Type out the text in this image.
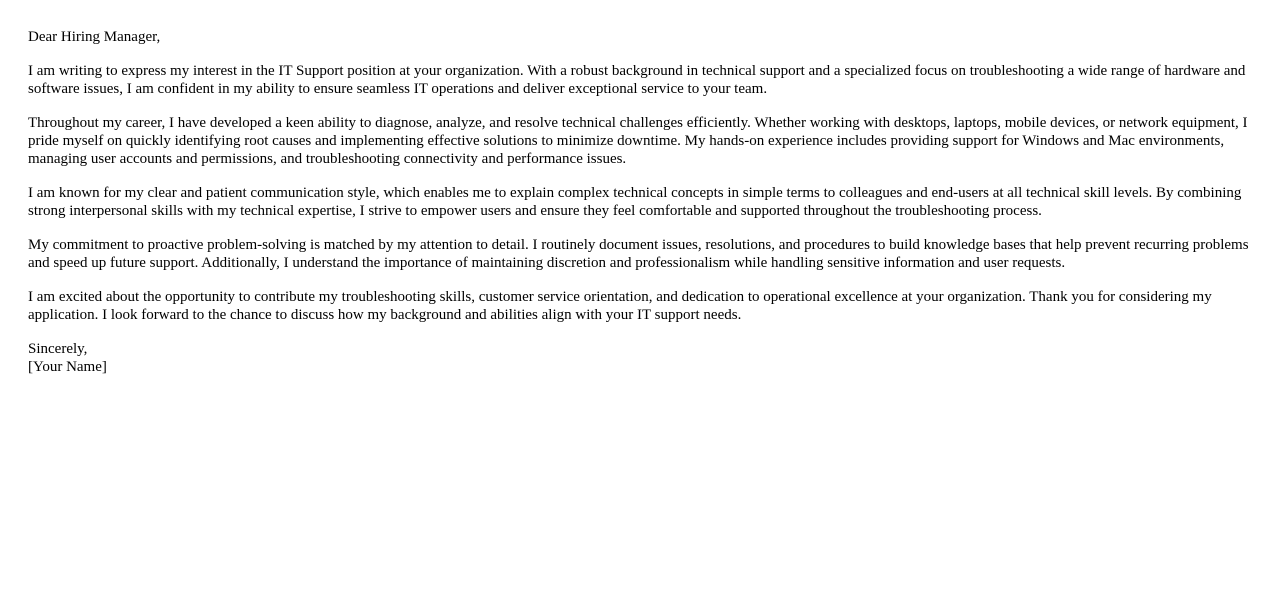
Dear Hiring Manager,

I am writing to express my interest in the IT Support position at your organization. With a robust background in technical support and a specialized focus on troubleshooting a wide range of hardware and software issues, I am confident in my ability to ensure seamless IT operations and deliver exceptional service to your team.

Throughout my career, I have developed a keen ability to diagnose, analyze, and resolve technical challenges efficiently. Whether working with desktops, laptops, mobile devices, or network equipment, I pride myself on quickly identifying root causes and implementing effective solutions to minimize downtime. My hands-on experience includes providing support for Windows and Mac environments, managing user accounts and permissions, and troubleshooting connectivity and performance issues.

I am known for my clear and patient communication style, which enables me to explain complex technical concepts in simple terms to colleagues and end-users at all technical skill levels. By combining strong interpersonal skills with my technical expertise, I strive to empower users and ensure they feel comfortable and supported throughout the troubleshooting process.

My commitment to proactive problem-solving is matched by my attention to detail. I routinely document issues, resolutions, and procedures to build knowledge bases that help prevent recurring problems and speed up future support. Additionally, I understand the importance of maintaining discretion and professionalism while handling sensitive information and user requests.

I am excited about the opportunity to contribute my troubleshooting skills, customer service orientation, and dedication to operational excellence at your organization. Thank you for considering my application. I look forward to the chance to discuss how my background and abilities align with your IT support needs.

Sincerely,
[Your Name]
